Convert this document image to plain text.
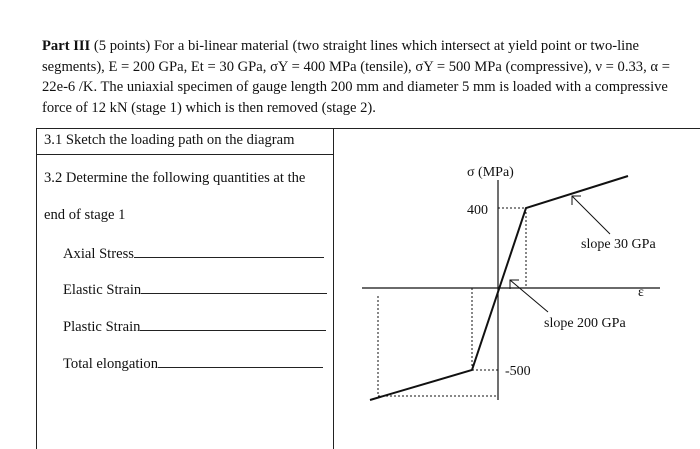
Part III (5 points) For a bi-linear material (two straight lines which intersect at yield point or two-line segments), E = 200 GPa, Et = 30 GPa, σY = 400 MPa (tensile), σY = 500 MPa (compressive), ν = 0.33, α = 22e-6 /K. The uniaxial specimen of gauge length 200 mm and diameter 5 mm is loaded with a compressive force of 12 kN (stage 1) which is then removed (stage 2).
3.1 Sketch the loading path on the diagram
3.2 Determine the following quantities at the
end of stage 1
Axial Stress
Elastic Strain
Plastic Strain
Total elongation
σ (MPa)
ε
400
-500
slope 30 GPa
slope 200 GPa
